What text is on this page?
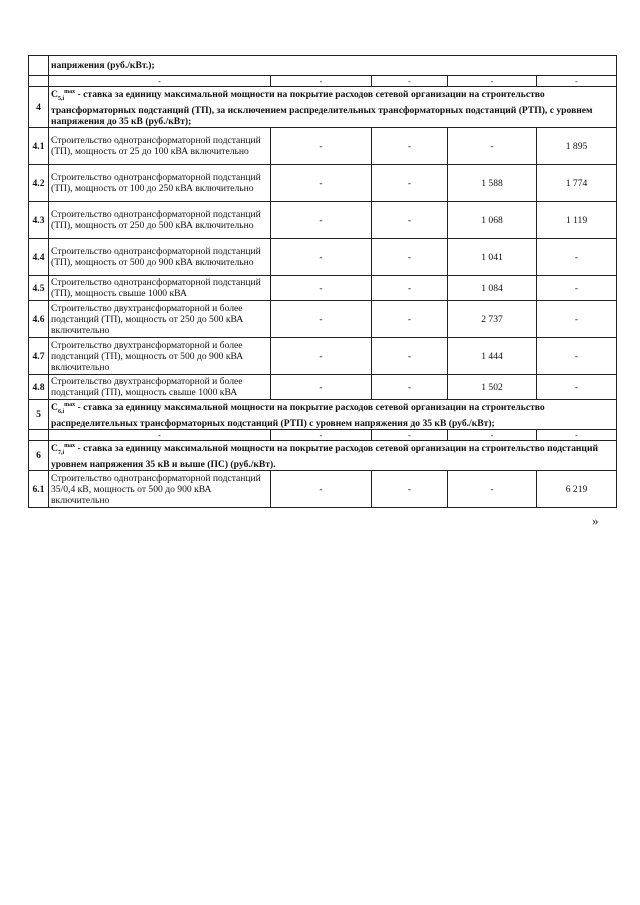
	напряжения (руб./кВт.);				
	-	-	-	-	-
4	$C_{5,i}^{max}$ - ставка за единицу максимальной мощности на покрытие расходов сетевой организации на строительство трансформаторных подстанций (ТП), за исключением распределительных трансформаторных подстанций (РТП), с уровнем напряжения до 35 кВ (руб./кВт);				
4.1	Строительство однотрансформаторной подстанций (ТП), мощность от 25 до 100 кВА включительно	-	-	-	1 895
4.2	Строительство однотрансформаторной подстанций (ТП), мощность от 100 до 250 кВА включительно	-	-	1 588	1 774
4.3	Строительство однотрансформаторной подстанций (ТП), мощность от 250 до 500 кВА включительно	-	-	1 068	1 119
4.4	Строительство однотрансформаторной подстанций (ТП), мощность от 500 до 900 кВА включительно	-	-	1 041	-
4.5	Строительство однотрансформаторной подстанций (ТП), мощность свыше 1000 кВА	-	-	1 084	-
4.6	Строительство двухтрансформаторной и более подстанций (ТП), мощность от 250 до 500 кВА включительно	-	-	2 737	-
4.7	Строительство двухтрансформаторной и более подстанций (ТП), мощность от 500 до 900 кВА включительно	-	-	1 444	-
4.8	Строительство двухтрансформаторной и более подстанций (ТП), мощность свыше 1000 кВА	-	-	1 502	-
5	$C_{6,i}^{max}$ - ставка за единицу максимальной мощности на покрытие расходов сетевой организации на строительство распределительных трансформаторных подстанций (РТП) с уровнем напряжения до 35 кВ (руб./кВт);				
	-	-	-	-	-
6	$C_{7,i}^{max}$ - ставка за единицу максимальной мощности на покрытие расходов сетевой организации на строительство подстанций уровнем напряжения 35 кВ и выше (ПС) (руб./кВт).				
6.1	Строительство однотрансформаторной подстанций 35/0,4 кВ, мощность от 500 до 900 кВА включительно	-	-	-	6 219
»
